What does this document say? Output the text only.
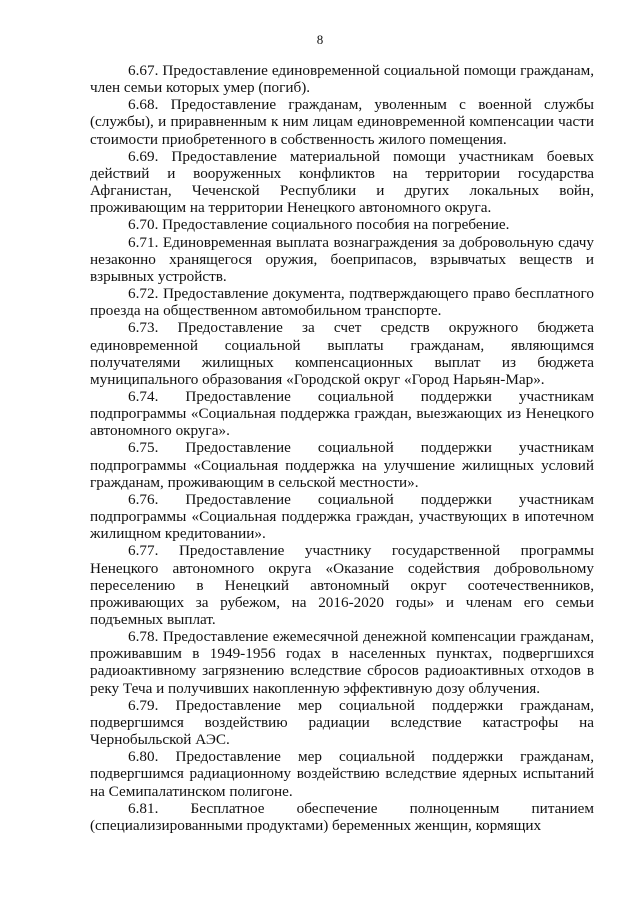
8

6.67. Предоставление единовременной социальной помощи гражданам, член семьи которых умер (погиб).

6.68. Предоставление гражданам, уволенным с военной службы (службы), и приравненным к ним лицам единовременной компенсации части стоимости приобретенного в собственность жилого помещения.

6.69. Предоставление материальной помощи участникам боевых действий и вооруженных конфликтов на территории государства Афганистан, Чеченской Республики и других локальных войн, проживающим на территории Ненецкого автономного округа.

6.70. Предоставление социального пособия на погребение.

6.71. Единовременная выплата вознаграждения за добровольную сдачу незаконно хранящегося оружия, боеприпасов, взрывчатых веществ и взрывных устройств.

6.72. Предоставление документа, подтверждающего право бесплатного проезда на общественном автомобильном транспорте.

6.73. Предоставление за счет средств окружного бюджета единовременной социальной выплаты гражданам, являющимся получателями жилищных компенсационных выплат из бюджета муниципального образования «Городской округ «Город Нарьян-Мар».

6.74. Предоставление социальной поддержки участникам подпрограммы «Социальная поддержка граждан, выезжающих из Ненецкого автономного округа».

6.75. Предоставление социальной поддержки участникам подпрограммы «Социальная поддержка на улучшение жилищных условий гражданам, проживающим в сельской местности».

6.76. Предоставление социальной поддержки участникам подпрограммы «Социальная поддержка граждан, участвующих в ипотечном жилищном кредитовании».

6.77. Предоставление участнику государственной программы Ненецкого автономного округа «Оказание содействия добровольному переселению в Ненецкий автономный округ соотечественников, проживающих за рубежом, на 2016-2020 годы» и членам его семьи подъемных выплат.

6.78. Предоставление ежемесячной денежной компенсации гражданам, проживавшим в 1949-1956 годах в населенных пунктах, подвергшихся радиоактивному загрязнению вследствие сбросов радиоактивных отходов в реку Теча и получивших накопленную эффективную дозу облучения.

6.79. Предоставление мер социальной поддержки гражданам, подвергшимся воздействию радиации вследствие катастрофы на Чернобыльской АЭС.

6.80. Предоставление мер социальной поддержки гражданам, подвергшимся радиационному воздействию вследствие ядерных испытаний на Семипалатинском полигоне.

6.81. Бесплатное обеспечение полноценным питанием (специализированными продуктами) беременных женщин, кормящих
